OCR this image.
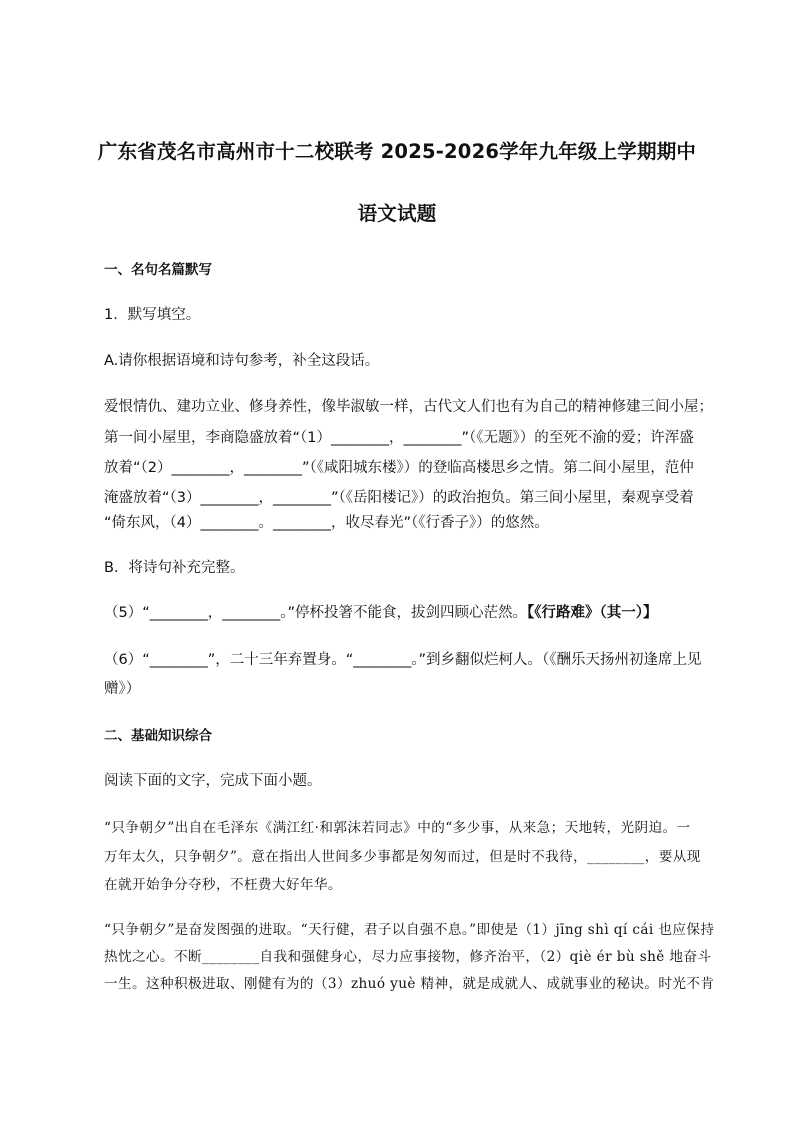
广东省茂名市高州市十二校联考 2025-2026学年九年级上学期期中
语文试题
一、名句名篇默写
1．默写填空。
A.请你根据语境和诗句参考，补全这段话。
爱恨情仇、建功立业、修身养性，像毕淑敏一样，古代文人们也有为自己的精神修建三间小屋；
第一间小屋里，李商隐盛放着“（1）________，________”（《无题》）的至死不渝的爱；许浑盛
放着“（2）________，________”（《咸阳城东楼》）的登临高楼思乡之情。第二间小屋里，范仲
淹盛放着“（3）________，________”（《岳阳楼记》）的政治抱负。第三间小屋里，秦观享受着
“倚东风，（4）________。________，收尽春光”（《行香子》）的悠然。
B．将诗句补充完整。
（5）“________，________。”停杯投箸不能食，拔剑四顾心茫然。【《行路难》（其一）】
（6）“________”，二十三年弃置身。“________。”到乡翻似烂柯人。（《酬乐天扬州初逢席上见
赠》）
二、基础知识综合
阅读下面的文字，完成下面小题。
“只争朝夕”出自在毛泽东《满江红·和郭沫若同志》中的“多少事，从来急；天地转，光阴迫。一
万年太久，只争朝夕”。意在指出人世间多少事都是匆匆而过，但是时不我待，________，要从现
在就开始争分夺秒，不枉费大好年华。
“只争朝夕”是奋发图强的进取。“天行健，君子以自强不息。”即使是（1）jīng shì qí cái 也应保持
热忱之心。不断________自我和强健身心，尽力应事接物，修齐治平，（2）qiè ér bù shě 地奋斗
一生。这种积极进取、刚健有为的（3）zhuó yuè 精神，就是成就人、成就事业的秘诀。时光不肯
